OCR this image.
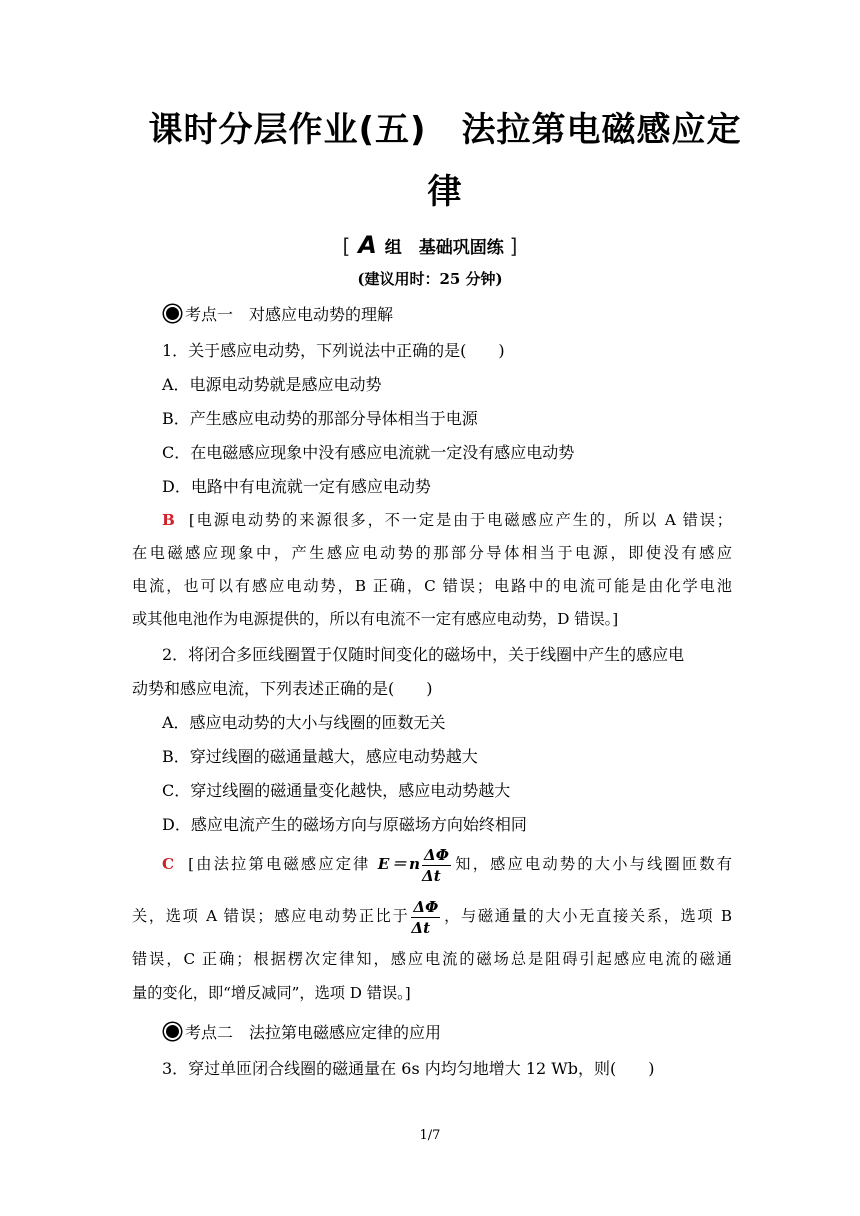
课时分层作业(五)　法拉第电磁感应定
律
[ A 组　基础巩固练 ]
(建议用时：25 分钟)
考点一　对感应电动势的理解
1．关于感应电动势，下列说法中正确的是(　　)
A．电源电动势就是感应电动势
B．产生感应电动势的那部分导体相当于电源
C．在电磁感应现象中没有感应电流就一定没有感应电动势
D．电路中有电流就一定有感应电动势
B [电源电动势的来源很多，不一定是由于电磁感应产生的，所以 A 错误；
在电磁感应现象中，产生感应电动势的那部分导体相当于电源，即使没有感应
电流，也可以有感应电动势，B 正确，C 错误；电路中的电流可能是由化学电池
或其他电池作为电源提供的，所以有电流不一定有感应电动势，D 错误。]
2．将闭合多匝线圈置于仅随时间变化的磁场中，关于线圈中产生的感应电
动势和感应电流，下列表述正确的是(　　)
A．感应电动势的大小与线圈的匝数无关
B．穿过线圈的磁通量越大，感应电动势越大
C．穿过线圈的磁通量变化越快，感应电动势越大
D．感应电流产生的磁场方向与原磁场方向始终相同
C [由法拉第电磁感应定律 $E=n \frac{\Delta\Phi}{\Delta t}$ 知，感应电动势的大小与线圈匝数有
关，选项 A 错误；感应电动势正比于 $\frac{\Delta\Phi}{\Delta t}$ ，与磁通量的大小无直接关系，选项 B
错误，C 正确；根据楞次定律知，感应电流的磁场总是阻碍引起感应电流的磁通
量的变化，即“增反减同”，选项 D 错误。]
考点二　法拉第电磁感应定律的应用
3．穿过单匝闭合线圈的磁通量在 6s 内均匀地增大 12 Wb，则(　　)
1/7
